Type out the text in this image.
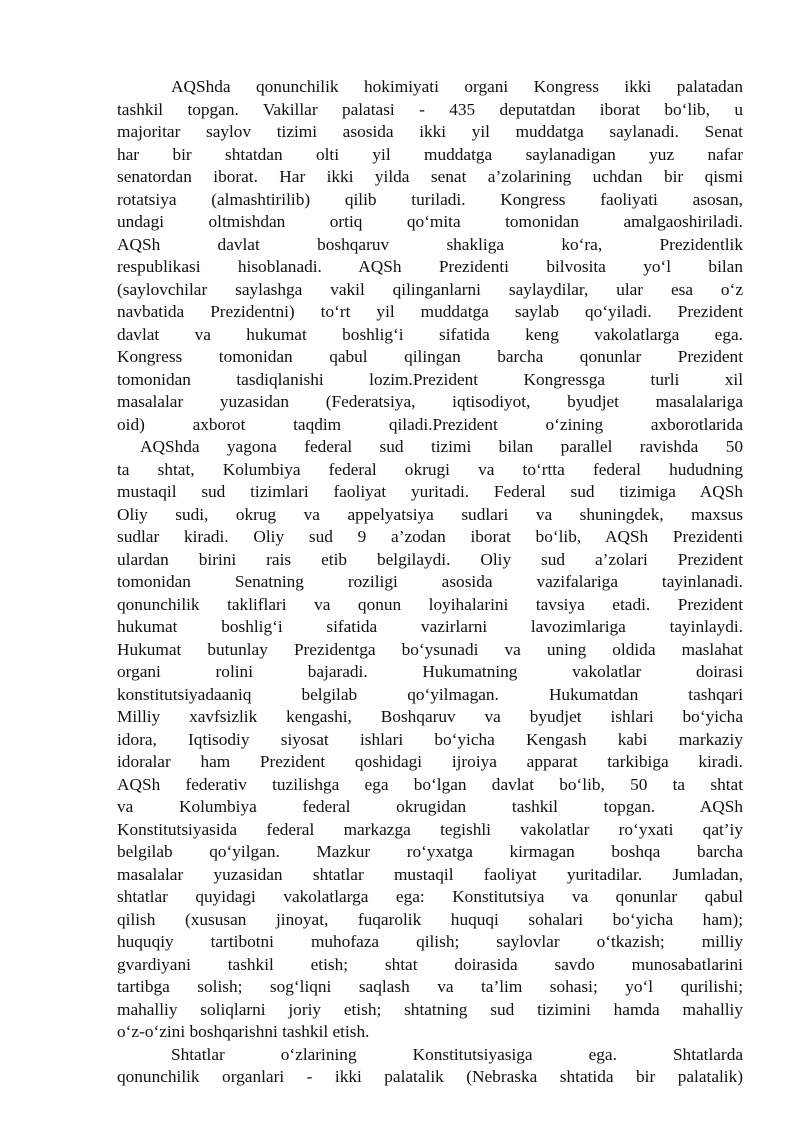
AQShda qonunchilik hokimiyati organi Kongress ikki palatadan
tashkil topgan. Vakillar palatasi - 435 deputatdan iborat bo‘lib, u
majoritar saylov tizimi asosida ikki yil muddatga saylanadi. Senat
har bir shtatdan olti yil muddatga saylanadigan yuz nafar
senatordan iborat. Har ikki yilda senat a’zolarining uchdan bir qismi
rotatsiya (almashtirilib) qilib turiladi. Kongress faoliyati asosan,
undagi oltmishdan ortiq qo‘mita tomonidan amalgaoshiriladi.
AQSh davlat boshqaruv shakliga ko‘ra, Prezidentlik
respublikasi hisoblanadi. AQSh Prezidenti bilvosita yo‘l bilan
(saylovchilar saylashga vakil qilinganlarni saylaydilar, ular esa o‘z
navbatida Prezidentni) to‘rt yil muddatga saylab qo‘yiladi. Prezident
davlat va hukumat boshlig‘i sifatida keng vakolatlarga ega.
Kongress tomonidan qabul qilingan barcha qonunlar Prezident
tomonidan tasdiqlanishi lozim.Prezident Kongressga turli xil
masalalar yuzasidan (Federatsiya, iqtisodiyot, byudjet masalalariga
oid) axborot taqdim qiladi.Prezident o‘zining axborotlarida
AQShda yagona federal sud tizimi bilan parallel ravishda 50
ta shtat, Kolumbiya federal okrugi va to‘rtta federal hududning
mustaqil sud tizimlari faoliyat yuritadi. Federal sud tizimiga AQSh
Oliy sudi, okrug va appelyatsiya sudlari va shuningdek, maxsus
sudlar kiradi. Oliy sud 9 a’zodan iborat bo‘lib, AQSh Prezidenti
ulardan birini rais etib belgilaydi. Oliy sud a’zolari Prezident
tomonidan Senatning roziligi asosida vazifalariga tayinlanadi.
qonunchilik takliflari va qonun loyihalarini tavsiya etadi. Prezident
hukumat boshlig‘i sifatida vazirlarni lavozimlariga tayinlaydi.
Hukumat butunlay Prezidentga bo‘ysunadi va uning oldida maslahat
organi rolini bajaradi. Hukumatning vakolatlar doirasi
konstitutsiyadaaniq belgilab qo‘yilmagan. Hukumatdan tashqari
Milliy xavfsizlik kengashi, Boshqaruv va byudjet ishlari bo‘yicha
idora, Iqtisodiy siyosat ishlari bo‘yicha Kengash kabi markaziy
idoralar ham Prezident qoshidagi ijroiya apparat tarkibiga kiradi.
AQSh federativ tuzilishga ega bo‘lgan davlat bo‘lib, 50 ta shtat
va Kolumbiya federal okrugidan tashkil topgan. AQSh
Konstitutsiyasida federal markazga tegishli vakolatlar ro‘yxati qat’iy
belgilab qo‘yilgan. Mazkur ro‘yxatga kirmagan boshqa barcha
masalalar yuzasidan shtatlar mustaqil faoliyat yuritadilar. Jumladan,
shtatlar quyidagi vakolatlarga ega: Konstitutsiya va qonunlar qabul
qilish (xususan jinoyat, fuqarolik huquqi sohalari bo‘yicha ham);
huquqiy tartibotni muhofaza qilish; saylovlar o‘tkazish; milliy
gvardiyani tashkil etish; shtat doirasida savdo munosabatlarini
tartibga solish; sog‘liqni saqlash va ta’lim sohasi; yo‘l qurilishi;
mahalliy soliqlarni joriy etish; shtatning sud tizimini hamda mahalliy
o‘z-o‘zini boshqarishni tashkil etish.
Shtatlar o‘zlarining Konstitutsiyasiga ega. Shtatlarda
qonunchilik organlari - ikki palatalik (Nebraska shtatida bir palatalik)
